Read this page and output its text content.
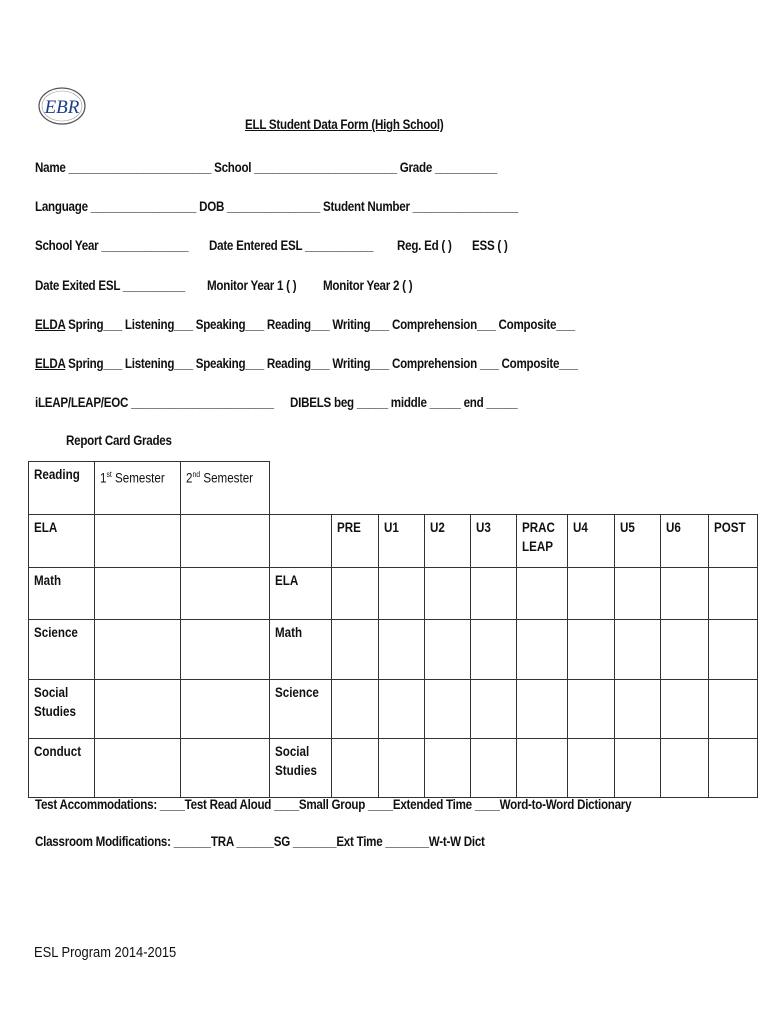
EBR
ELL Student Data Form (High School)
Name _______________________ School _______________________ Grade __________
Language _________________ DOB _______________ Student Number _________________
School Year ______________ Date Entered ESL ___________ Reg. Ed ( ) ESS ( )
Date Exited ESL __________ Monitor Year 1 ( ) Monitor Year 2 ( )
ELDA Spring___ Listening___ Speaking___ Reading___ Writing___ Comprehension___ Composite___
ELDA Spring___ Listening___ Speaking___ Reading___ Writing___ Comprehension ___ Composite___
iLEAP/LEAP/EOC _______________________ DIBELS beg _____ middle _____ end _____
Report Card Grades
Reading	1st Semester	2nd Semester										
ELA				PRE	U1	U2	U3	PRAC LEAP	U4	U5	U6	POST
Math			ELA									
Science			Math									
Social Studies			Science									
Conduct			Social Studies									
Test Accommodations: ____Test Read Aloud ____Small Group ____Extended Time ____Word-to-Word Dictionary
Classroom Modifications: ______TRA ______SG _______Ext Time _______W-t-W Dict
ESL Program 2014-2015
